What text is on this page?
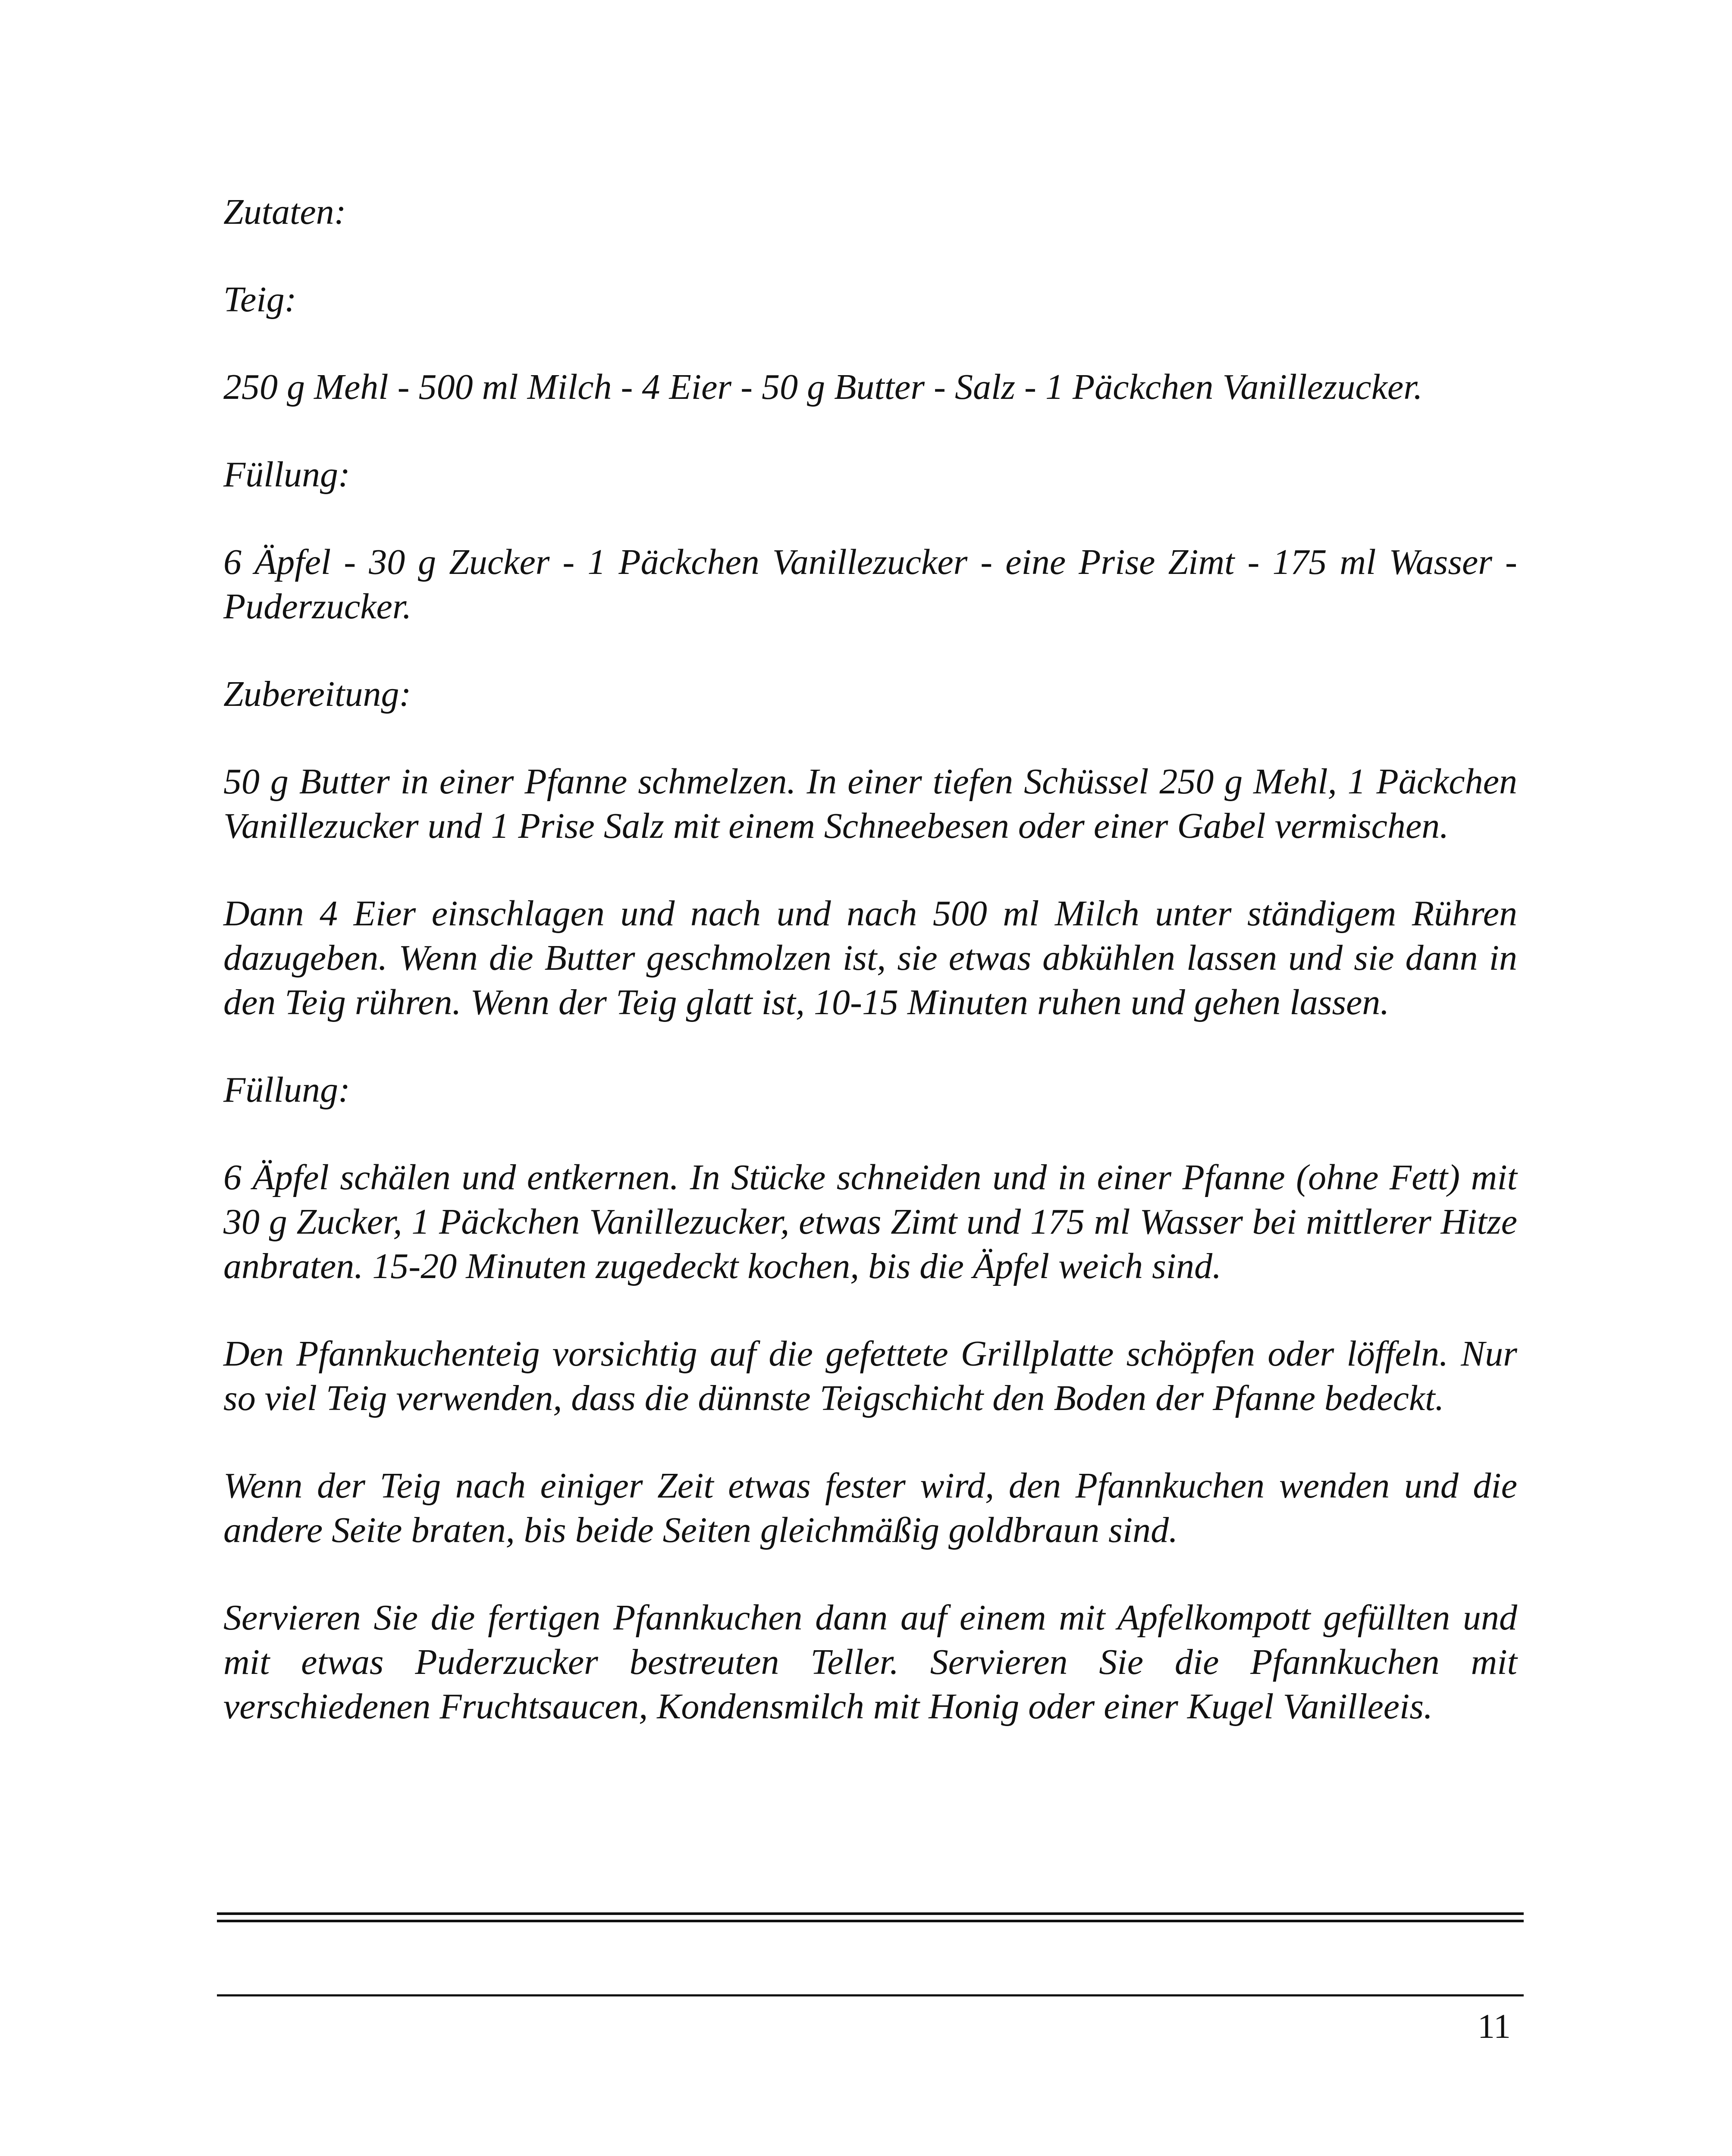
Zutaten:

Teig:

250 g Mehl - 500 ml Milch - 4 Eier - 50 g Butter - Salz - 1 Päckchen Vanillezucker.

Füllung:

6 Äpfel - 30 g Zucker - 1 Päckchen Vanillezucker - eine Prise Zimt - 175 ml Wasser - Puderzucker.

Zubereitung:

50 g Butter in einer Pfanne schmelzen. In einer tiefen Schüssel 250 g Mehl, 1 Päckchen Vanillezucker und 1 Prise Salz mit einem Schneebesen oder einer Gabel vermischen.

Dann 4 Eier einschlagen und nach und nach 500 ml Milch unter ständigem Rühren dazugeben. Wenn die Butter geschmolzen ist, sie etwas abkühlen lassen und sie dann in den Teig rühren. Wenn der Teig glatt ist, 10-15 Minuten ruhen und gehen lassen.

Füllung:

6 Äpfel schälen und entkernen. In Stücke schneiden und in einer Pfanne (ohne Fett) mit 30 g Zucker, 1 Päckchen Vanillezucker, etwas Zimt und 175 ml Wasser bei mittlerer Hitze anbraten. 15-20 Minuten zugedeckt kochen, bis die Äpfel weich sind.

Den Pfannkuchenteig vorsichtig auf die gefettete Grillplatte schöpfen oder löffeln. Nur so viel Teig verwenden, dass die dünnste Teigschicht den Boden der Pfanne bedeckt.

Wenn der Teig nach einiger Zeit etwas fester wird, den Pfannkuchen wenden und die andere Seite braten, bis beide Seiten gleichmäßig goldbraun sind.

Servieren Sie die fertigen Pfannkuchen dann auf einem mit Apfelkompott gefüllten und mit etwas Puderzucker bestreuten Teller. Servieren Sie die Pfannkuchen mit verschiedenen Fruchtsaucen, Kondensmilch mit Honig oder einer Kugel Vanilleeis.

11
